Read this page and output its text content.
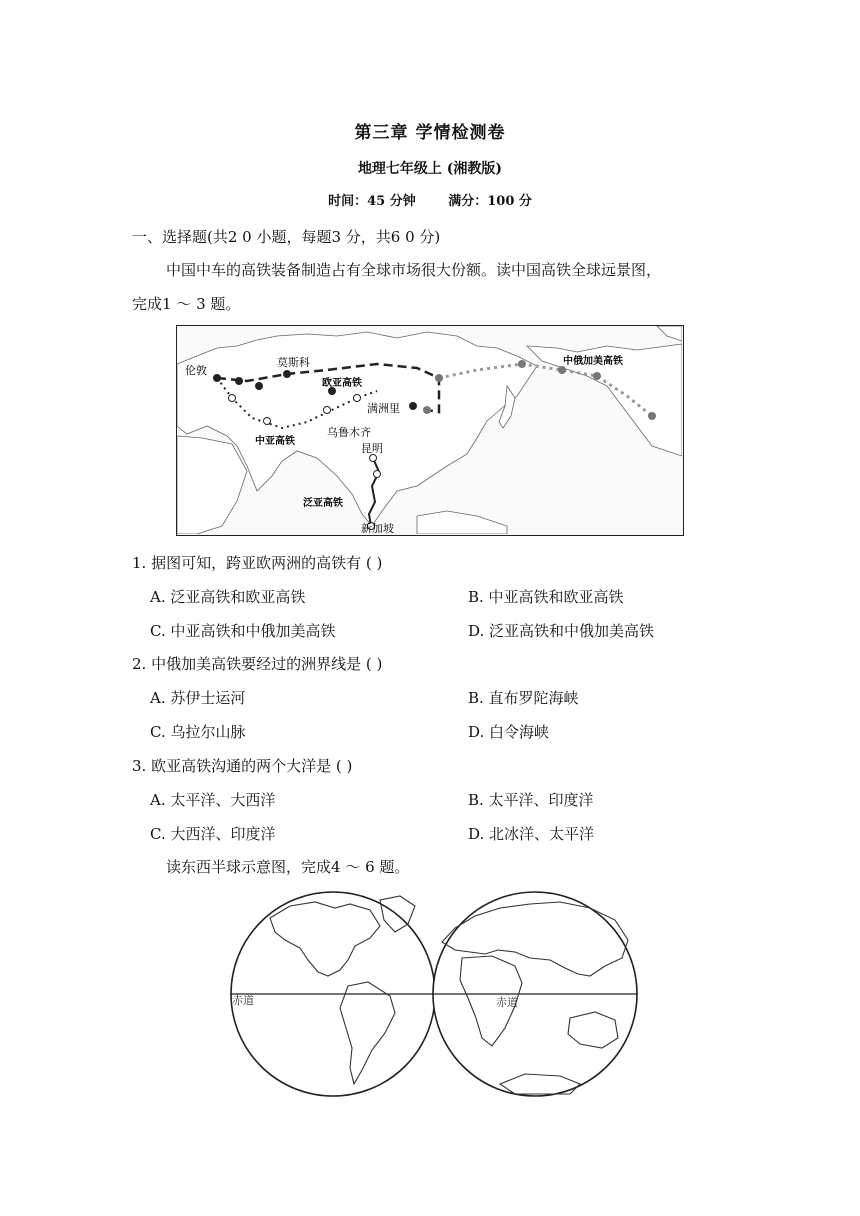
第三章 学情检测卷
地理七年级上 (湘教版)
时间：45 分钟	满分：100 分
一、选择题(共2 0 小题，每题3 分，共6 0 分)
中国中车的高铁装备制造占有全球市场很大份额。读中国高铁全球远景图，
完成1 ～ 3 题。
伦敦
莫斯科
欧亚高铁
满洲里
中亚高铁
乌鲁木齐
昆明
泛亚高铁
新加坡
中俄加美高铁
1. 据图可知，跨亚欧两洲的高铁有 ( )
A. 泛亚高铁和欧亚高铁	B. 中亚高铁和欧亚高铁
C. 中亚高铁和中俄加美高铁	D. 泛亚高铁和中俄加美高铁
2. 中俄加美高铁要经过的洲界线是 ( )
A. 苏伊士运河	B. 直布罗陀海峡
C. 乌拉尔山脉	D. 白令海峡
3. 欧亚高铁沟通的两个大洋是 ( )
A. 太平洋、大西洋	B. 太平洋、印度洋
C. 大西洋、印度洋	D. 北冰洋、太平洋
读东西半球示意图，完成4 ～ 6 题。
赤道	赤道
